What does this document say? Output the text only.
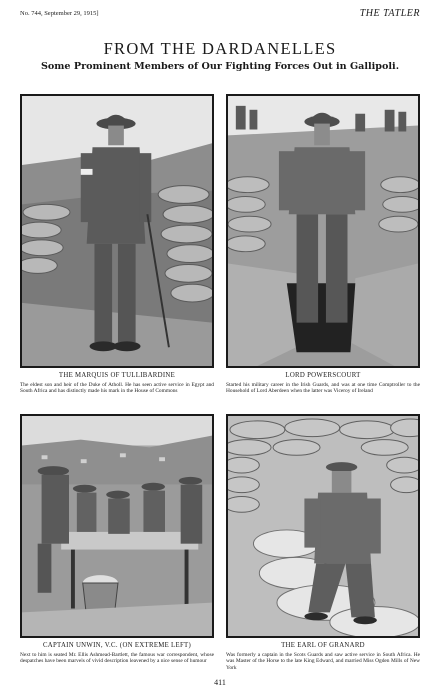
No. 744, September 29, 1915]	THE TATLER
FROM THE DARDANELLES
Some Prominent Members of Our Fighting Forces Out in Gallipoli.
THE MARQUIS OF TULLIBARDINE
The eldest son and heir of the Duke of Atholl. He has seen active service in Egypt and South Africa and has distinctly made his mark in the House of Commons
LORD POWERSCOURT
Started his military career in the Irish Guards, and was at one time Comptroller to the Household of Lord Aberdeen when the latter was Viceroy of Ireland
CAPTAIN UNWIN, V.C. (ON EXTREME LEFT)
Next to him is seated Mr. Ellis Ashmead-Bartlett, the famous war correspondent, whose despatches have been marvels of vivid description leavened by a nice sense of humour
THE EARL OF GRANARD
Was formerly a captain in the Scots Guards and saw active service in South Africa. He was Master of the Horse to the late King Edward, and married Miss Ogden Mills of New York
411
